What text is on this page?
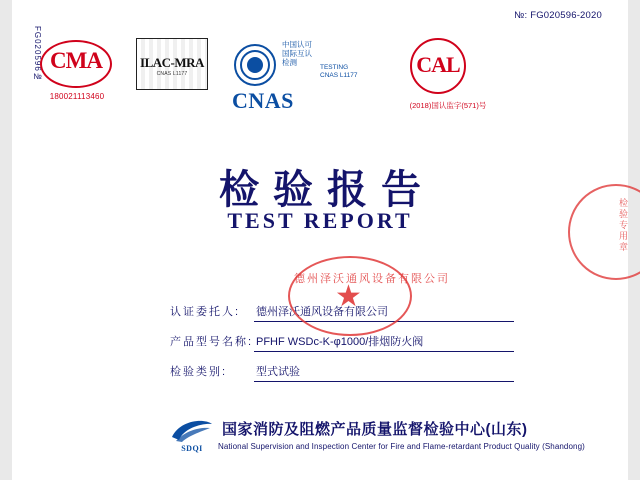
№: FG020596-2020
FG020596№ CMA
180021113460
ILAC-MRA
CNAS L1177
中国认可
国际互认
检测
TESTING
CNAS L1177
CNAS
CAL
(2018)国认监字(571)号
检验报告
TEST REPORT
认证委托人: 德州泽沃通风设备有限公司
产品型号名称: PFHF WSDc-K-φ1000/排烟防火阀
检验类别:	型式试验
德州泽沃通风设备有限公司
★
检验专用章
SDQI
国家消防及阻燃产品质量监督检验中心(山东)
National Supervision and Inspection Center for Fire and Flame-retardant Product Quality (Shandong)
